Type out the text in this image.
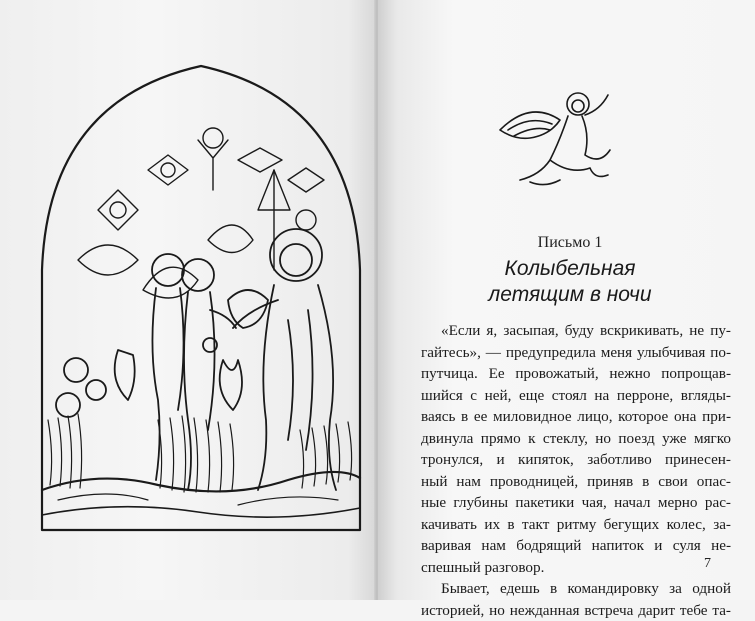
Письмо 1
Колыбельная
летящим в ночи
«Если я, засыпая, буду вскрикивать, не пу-
гайтесь», — предупредила меня улыбчивая по-
путчица. Ее провожатый, нежно попрощав-
шийся с ней, еще стоял на перроне, вгляды-
ваясь в ее миловидное лицо, которое она при-
двинула прямо к стеклу, но поезд уже мягко
тронулся, и кипяток, заботливо принесен-
ный нам проводницей, приняв в свои опас-
ные глубины пакетики чая, начал мерно рас-
качивать их в такт ритму бегущих колес, за-
варивая нам бодрящий напиток и суля не-
спешный разговор.
Бывает, едешь в командировку за одной
историей, но нежданная встреча дарит тебе та-
7
